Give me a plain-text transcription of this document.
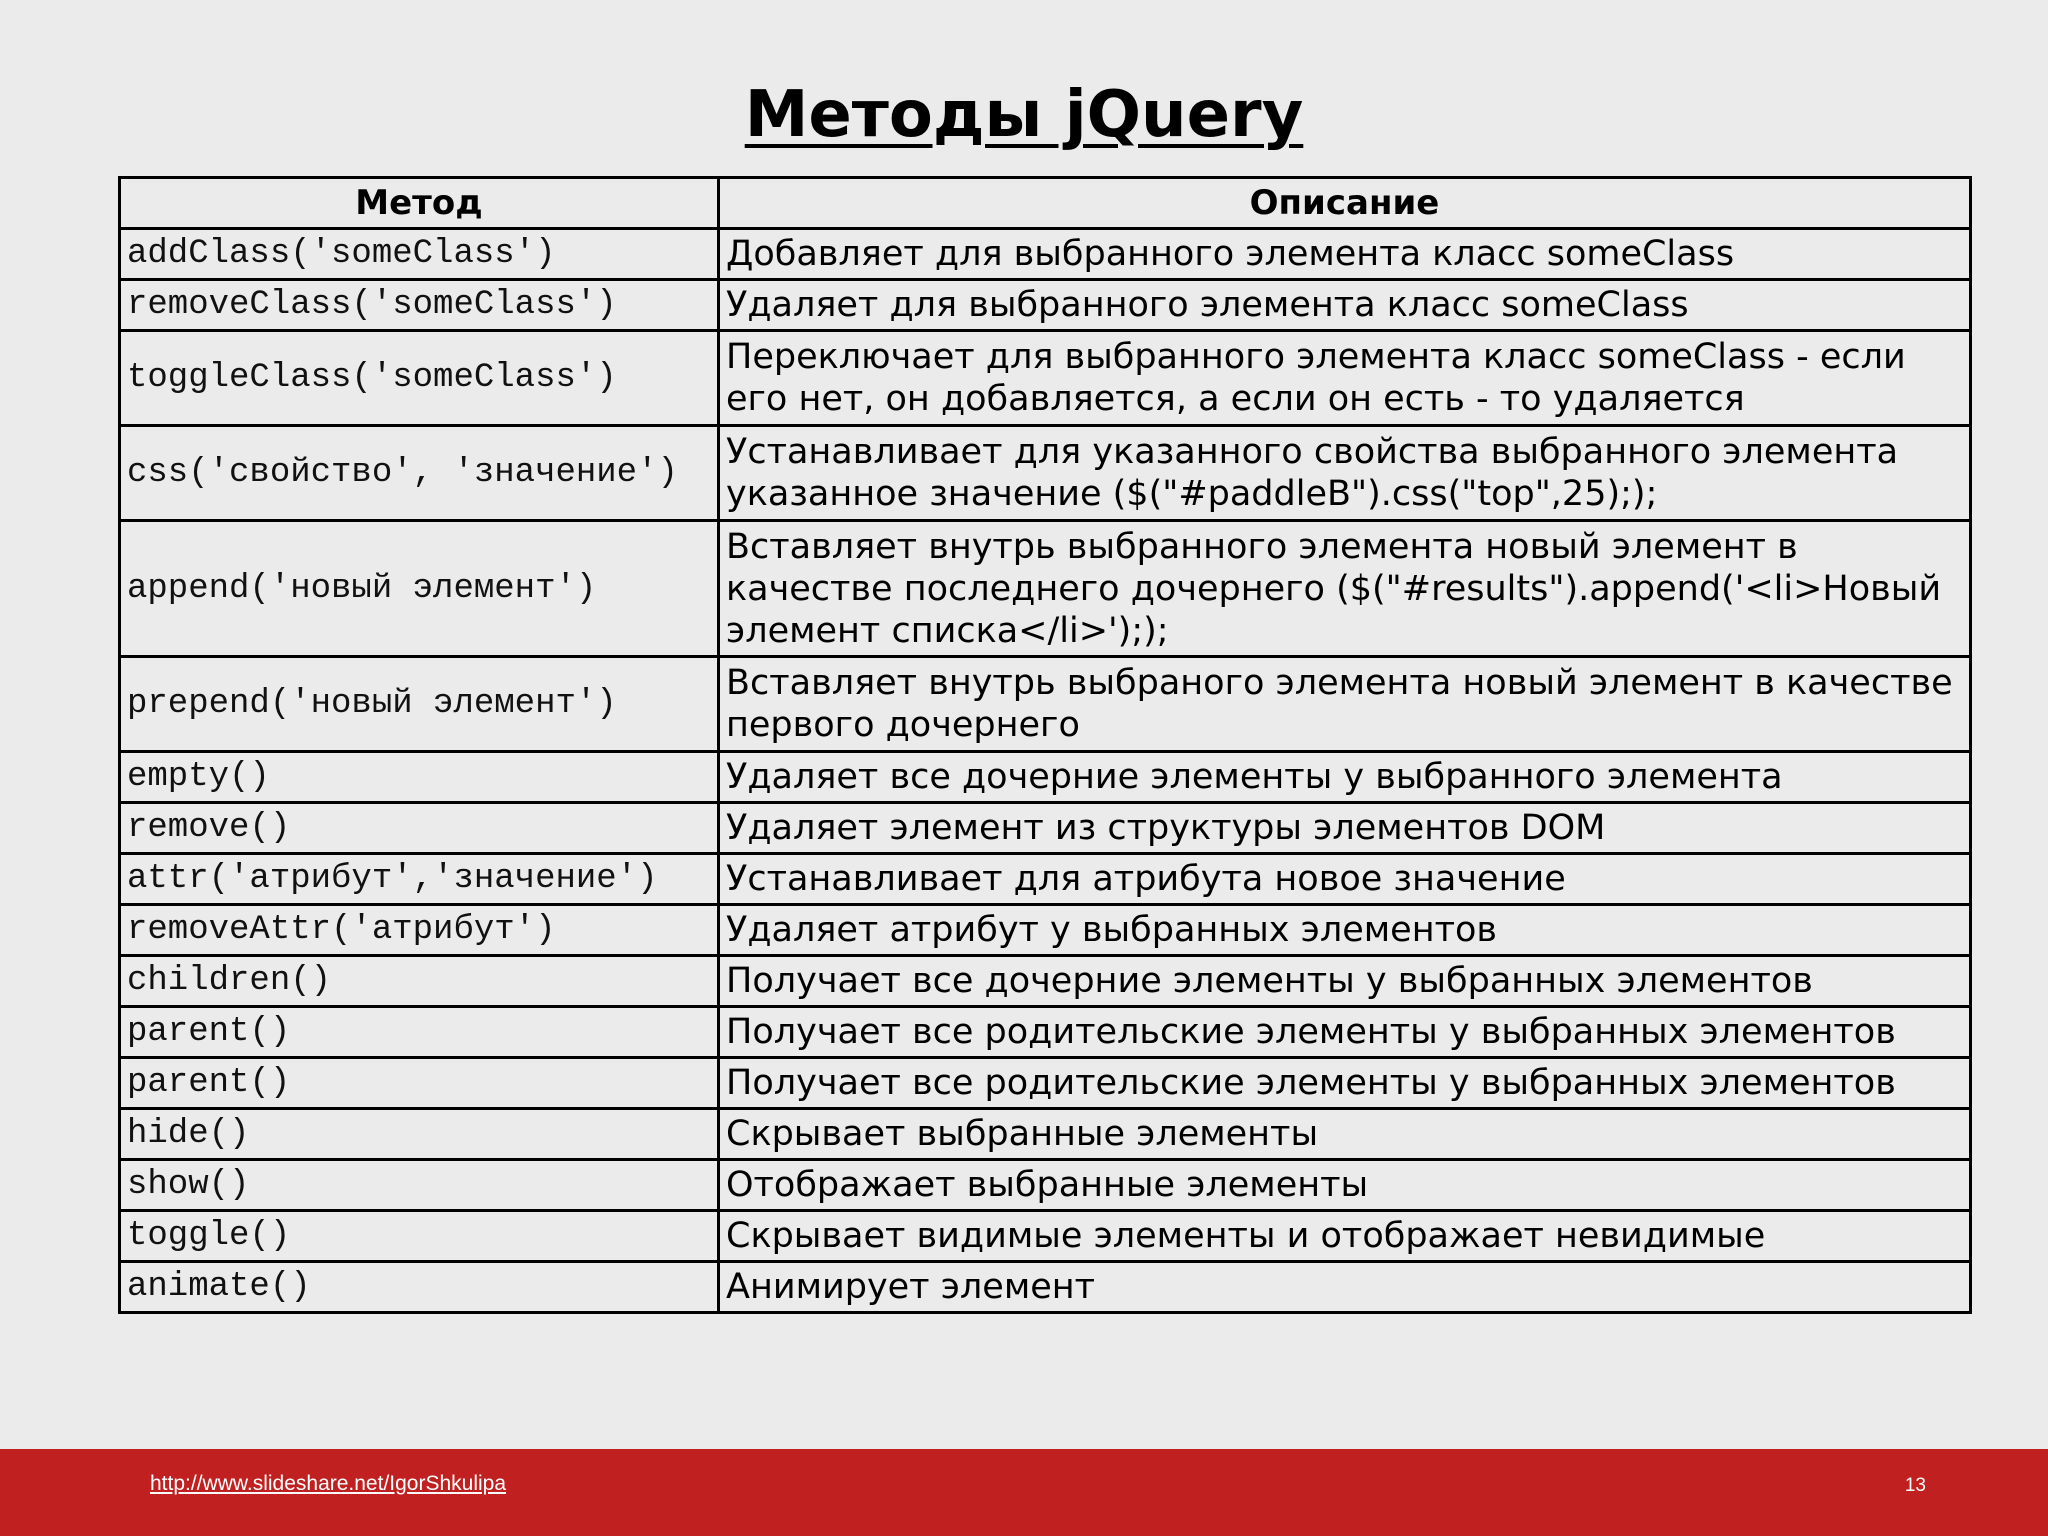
Методы jQuery
Метод	Описание
addClass('someClass')	Добавляет для выбранного элемента класс someClass
removeClass('someClass')	Удаляет для выбранного элемента класс someClass
toggleClass('someClass')	Переключает для выбранного элемента класс someClass - если его нет, он добавляется, а если он есть - то удаляется
css('свойство', 'значение')	Устанавливает для указанного свойства выбранного элемента указанное значение ($("#paddleB").css("top",25););
append('новый элемент')	Вставляет внутрь выбранного элемента новый элемент в качестве последнего дочернего ($("#results").append('<li>Новый элемент списка</li>'););
prepend('новый элемент')	Вставляет внутрь выбраного элемента новый элемент в качестве первого дочернего
empty()	Удаляет все дочерние элементы у выбранного элемента
remove()	Удаляет элемент из структуры элементов DOM
attr('атрибут','значение')	Устанавливает для атрибута новое значение
removeAttr('атрибут')	Удаляет атрибут у выбранных элементов
children()	Получает все дочерние элементы у выбранных элементов
parent()	Получает все родительские элементы у выбранных элементов
parent()	Получает все родительские элементы у выбранных элементов
hide()	Скрывает выбранные элементы
show()	Отображает выбранные элементы
toggle()	Скрывает видимые элементы и отображает невидимые
animate()	Анимирует элемент
http://www.slideshare.net/IgorShkulipa	13
